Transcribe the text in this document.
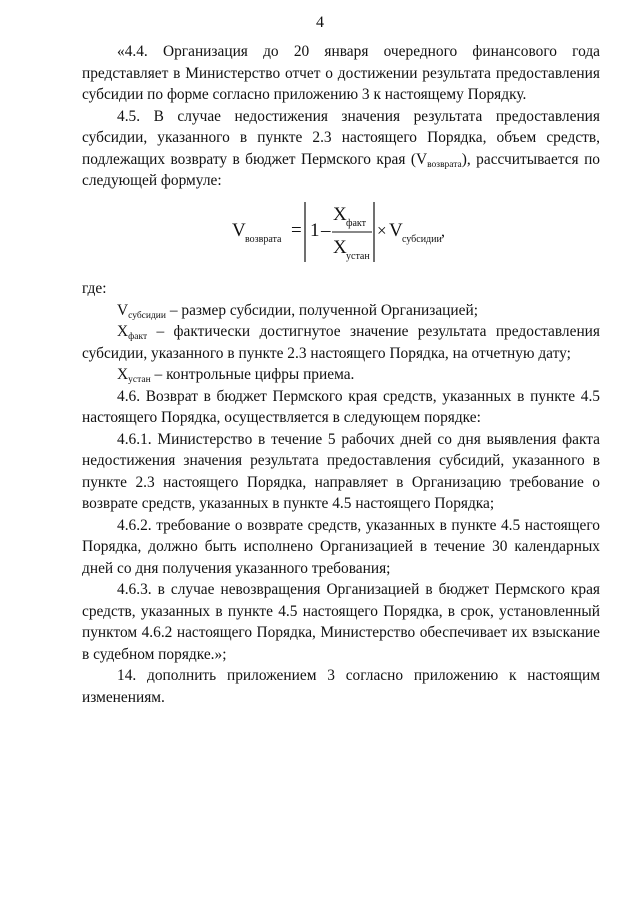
4

«4.4. Организация до 20 января очередного финансового года представляет в Министерство отчет о достижении результата предоставления субсидии по форме согласно приложению 3 к настоящему Порядку.

4.5. В случае недостижения значения результата предоставления субсидии, указанного в пункте 2.3 настоящего Порядка, объем средств, подлежащих возврату в бюджет Пермского края $(V_{возврата})$, рассчитывается по следующей формуле:

V возврата = 1 –
X факт
X устан
× V субсидии ,

где:

$V_{субсидии}$ – размер субсидии, полученной Организацией;

$X_{факт}$ – фактически достигнутое значение результата предоставления субсидии, указанного в пункте 2.3 настоящего Порядка, на отчетную дату;

$X_{устан}$ – контрольные цифры приема.

4.6. Возврат в бюджет Пермского края средств, указанных в пункте 4.5 настоящего Порядка, осуществляется в следующем порядке:

4.6.1. Министерство в течение 5 рабочих дней со дня выявления факта недостижения значения результата предоставления субсидий, указанного в пункте 2.3 настоящего Порядка, направляет в Организацию требование о возврате средств, указанных в пункте 4.5 настоящего Порядка;

4.6.2. требование о возврате средств, указанных в пункте 4.5 настоящего Порядка, должно быть исполнено Организацией в течение 30 календарных дней со дня получения указанного требования;

4.6.3. в случае невозвращения Организацией в бюджет Пермского края средств, указанных в пункте 4.5 настоящего Порядка, в срок, установленный пунктом 4.6.2 настоящего Порядка, Министерство обеспечивает их взыскание в судебном порядке.»;

14. дополнить приложением 3 согласно приложению к настоящим изменениям.
